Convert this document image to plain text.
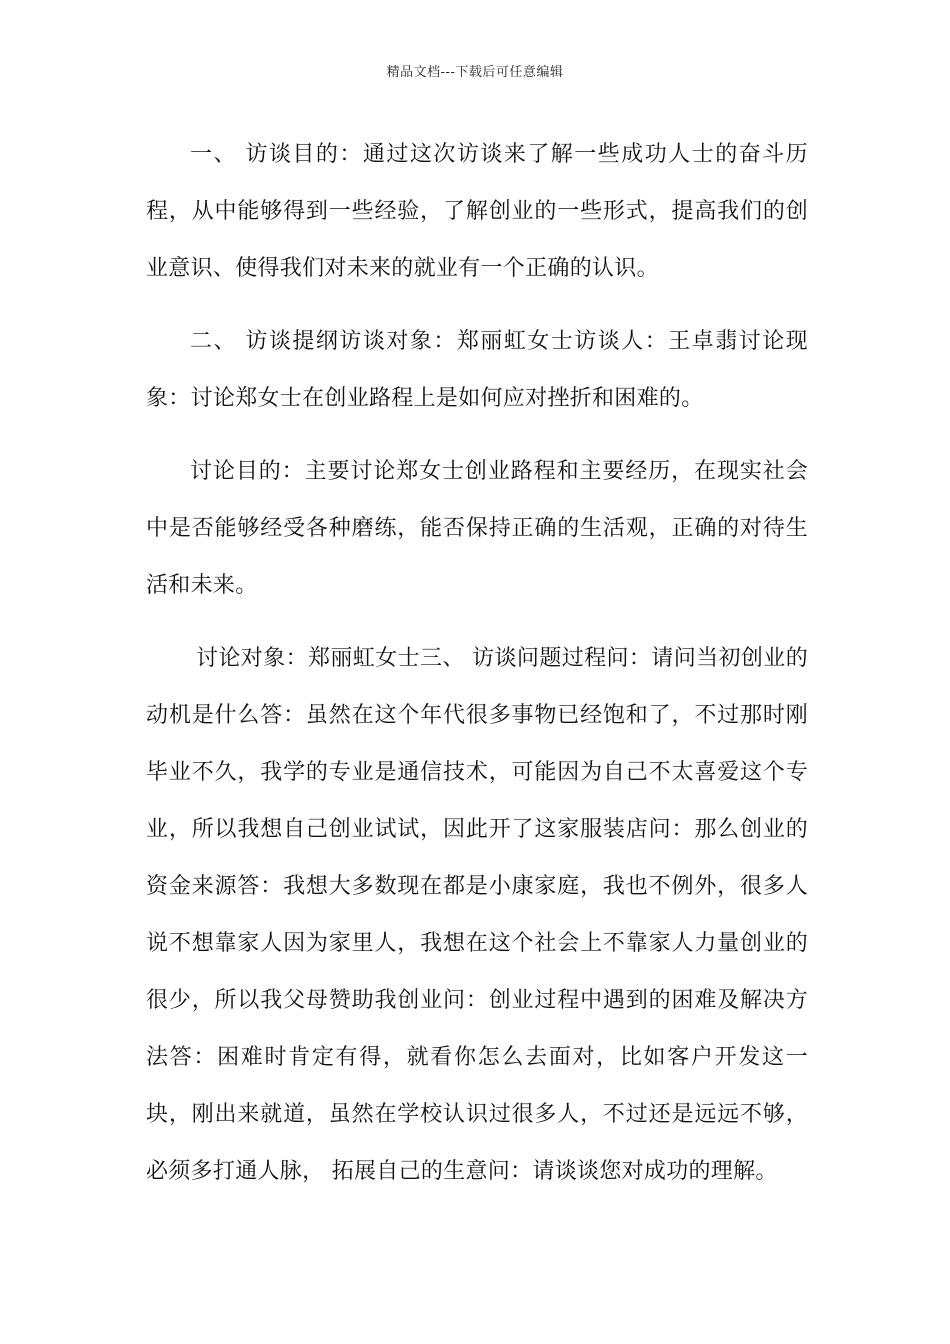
精品文档---下载后可任意编辑

一、 访谈目的：通过这次访谈来了解一些成功人士的奋斗历程，从中能够得到一些经验，了解创业的一些形式，提高我们的创业意识、使得我们对未来的就业有一个正确的认识。

二、 访谈提纲访谈对象：郑丽虹女士访谈人：王卓翡讨论现象：讨论郑女士在创业路程上是如何应对挫折和困难的。

讨论目的：主要讨论郑女士创业路程和主要经历，在现实社会中是否能够经受各种磨练，能否保持正确的生活观，正确的对待生活和未来。

讨论对象：郑丽虹女士三、 访谈问题过程问：请问当初创业的动机是什么答：虽然在这个年代很多事物已经饱和了，不过那时刚毕业不久，我学的专业是通信技术，可能因为自己不太喜爱这个专业，所以我想自己创业试试，因此开了这家服装店问：那么创业的资金来源答：我想大多数现在都是小康家庭，我也不例外，很多人说不想靠家人因为家里人，我想在这个社会上不靠家人力量创业的很少，所以我父母赞助我创业问：创业过程中遇到的困难及解决方法答：困难时肯定有得，就看你怎么去面对，比如客户开发这一块，刚出来就道，虽然在学校认识过很多人，不过还是远远不够，必须多打通人脉， 拓展自己的生意问：请谈谈您对成功的理解。
